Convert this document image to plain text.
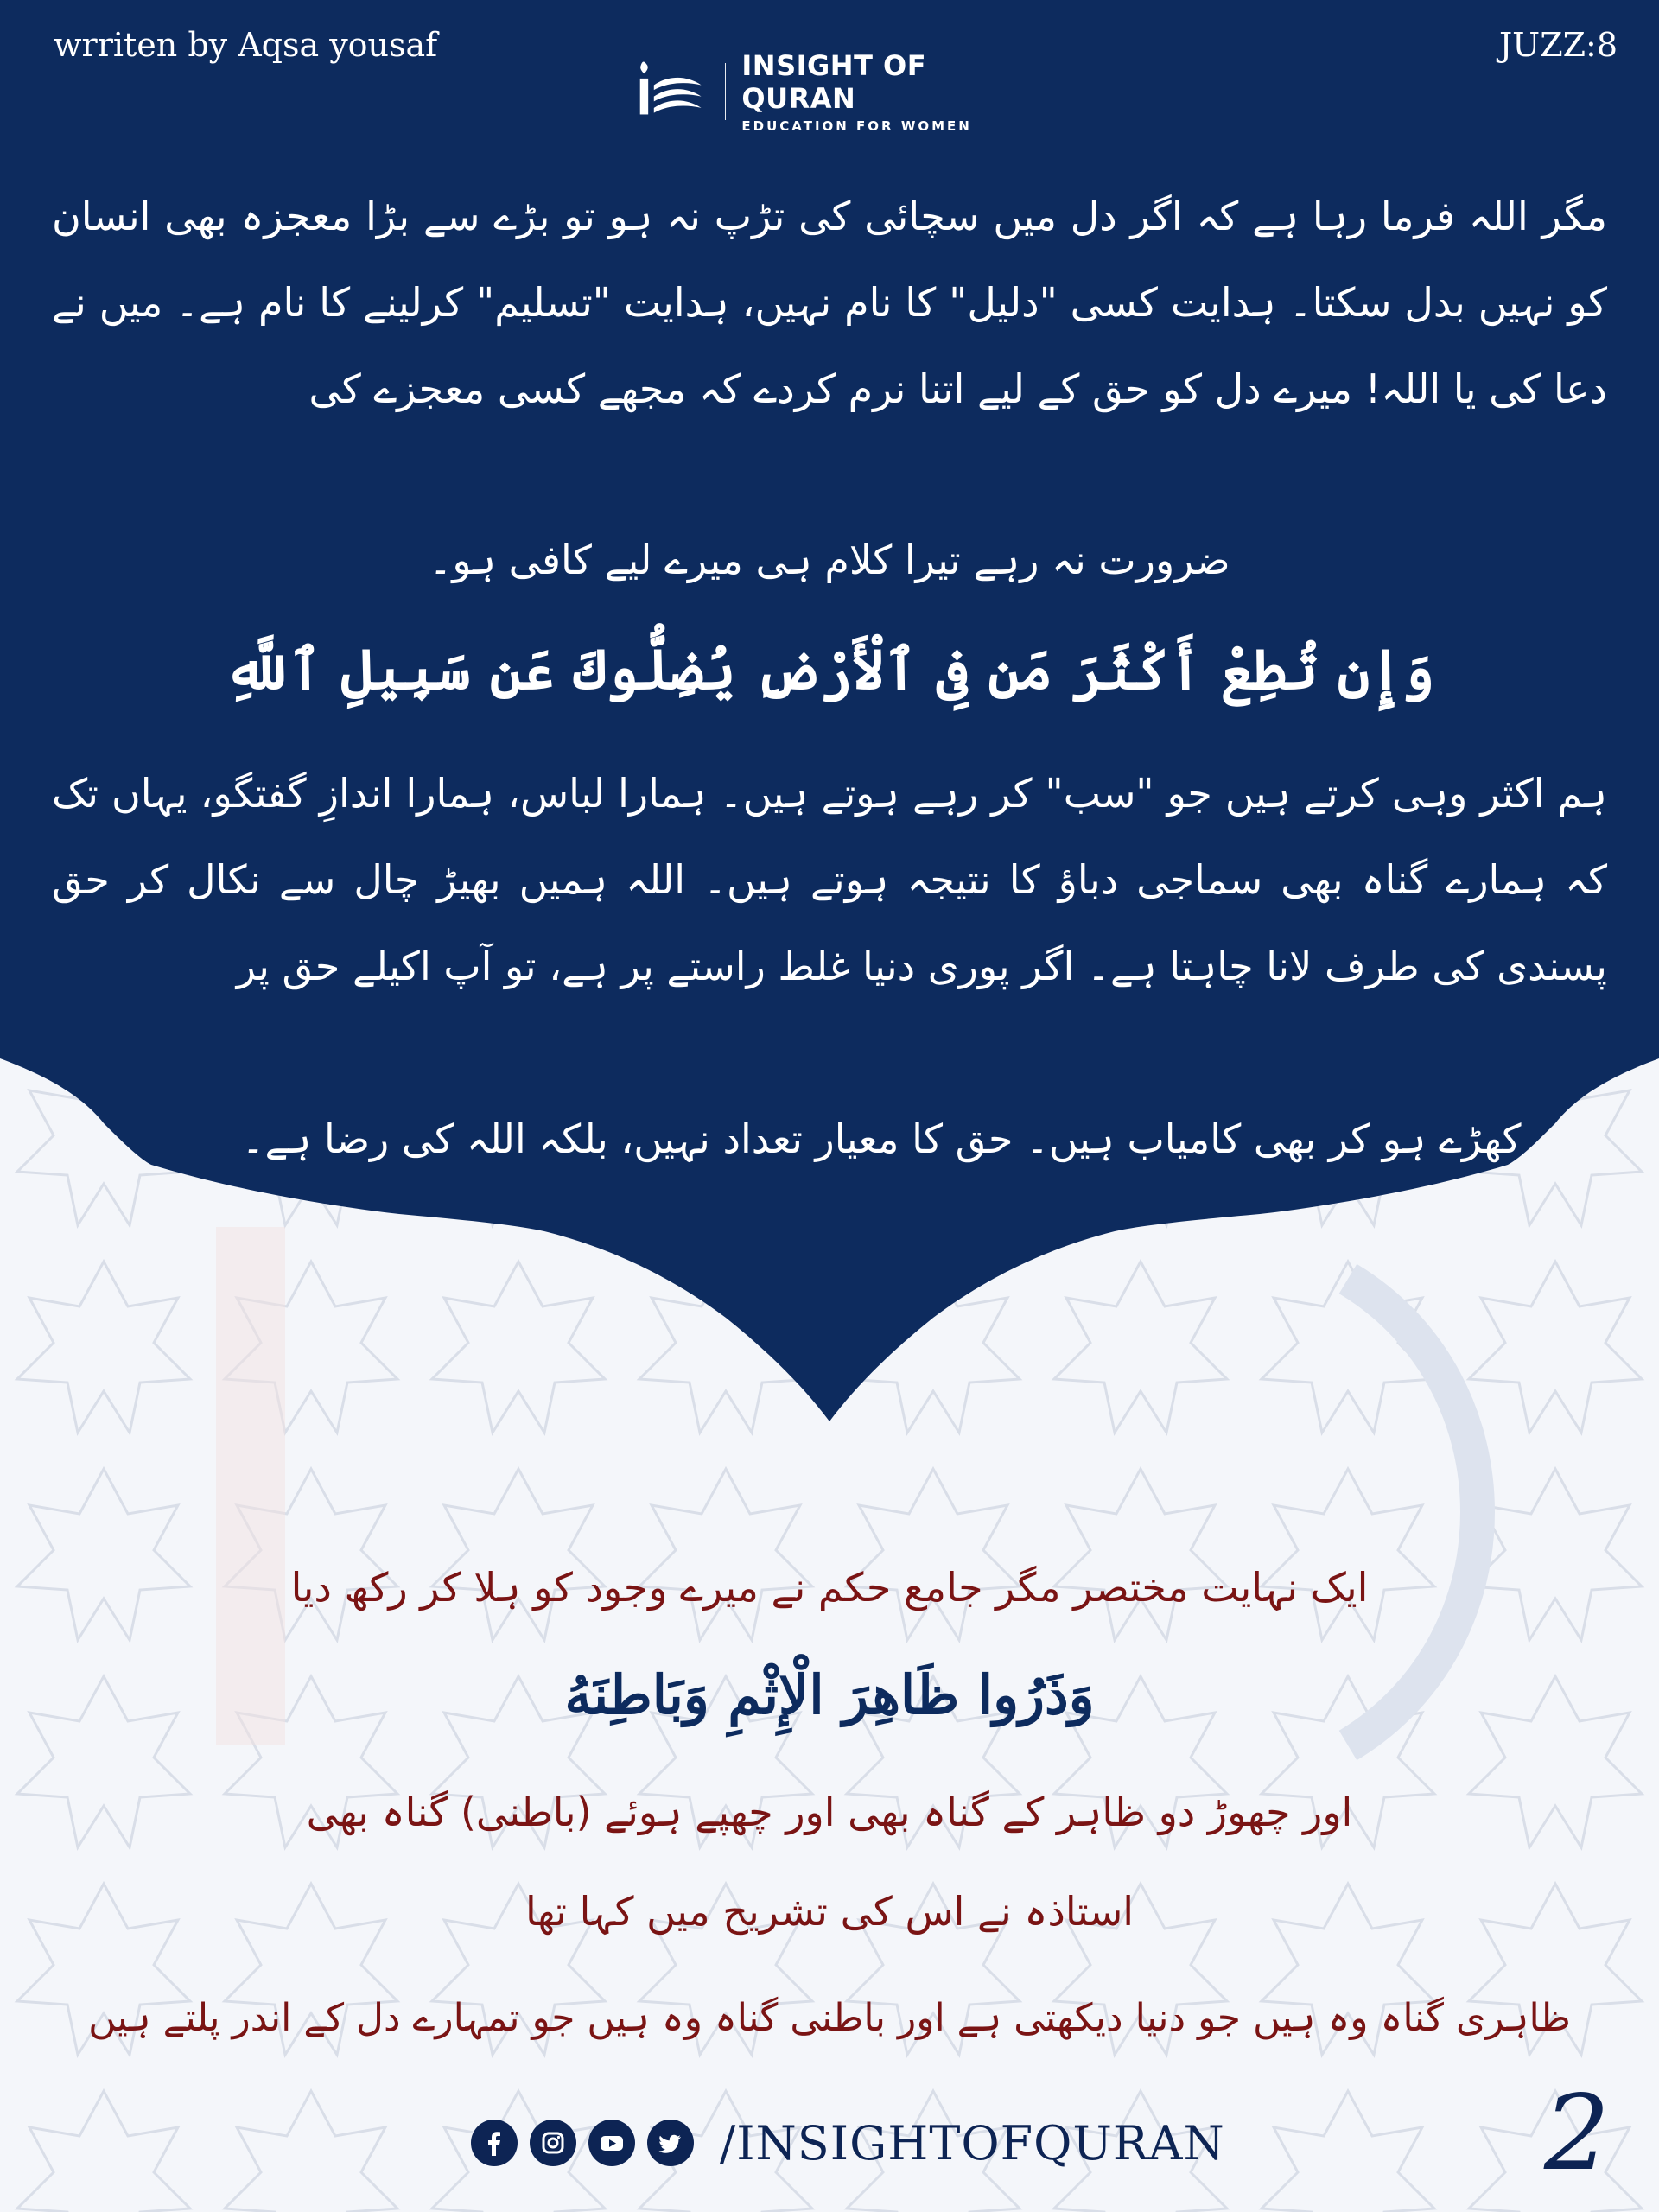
wrriten by Aqsa yousaf	JUZZ:8
INSIGHT OF QURAN
EDUCATION FOR WOMEN
مگر اللہ فرما رہا ہے کہ اگر دل میں سچائی کی تڑپ نہ ہو تو بڑے سے بڑا معجزہ بھی انسان کو نہیں بدل سکتا۔ ہدایت کسی "دلیل" کا نام نہیں، ہدایت "تسلیم" کرلینے کا نام ہے۔ میں نے دعا کی یا اللہ! میرے دل کو حق کے لیے اتنا نرم کردے کہ مجھے کسی معجزے کی
ضرورت نہ رہے تیرا کلام ہی میرے لیے کافی ہو۔
وَإِن تُطِعْ أَكْثَرَ مَن فِى ٱلْأَرْضِ يُضِلُّوكَ عَن سَبِيلِ ٱللَّهِ
ہم اکثر وہی کرتے ہیں جو "سب" کر رہے ہوتے ہیں۔ ہمارا لباس، ہمارا اندازِ گفتگو، یہاں تک کہ ہمارے گناہ بھی سماجی دباؤ کا نتیجہ ہوتے ہیں۔ اللہ ہمیں بھیڑ چال سے نکال کر حق پسندی کی طرف لانا چاہتا ہے۔ اگر پوری دنیا غلط راستے پر ہے، تو آپ اکیلے حق پر
کھڑے ہو کر بھی کامیاب ہیں۔ حق کا معیار تعداد نہیں، بلکہ اللہ کی رضا ہے۔
ایک نہایت مختصر مگر جامع حکم نے میرے وجود کو ہلا کر رکھ دیا
وَذَرُوا ظَاهِرَ الْإِثْمِ وَبَاطِنَهُ
اور چھوڑ دو ظاہر کے گناہ بھی اور چھپے ہوئے (باطنی) گناہ بھی
استاذہ نے اس کی تشریح میں کہا تھا
ظاہری گناہ وہ ہیں جو دنیا دیکھتی ہے اور باطنی گناہ وہ ہیں جو تمہارے دل کے اندر پلتے ہیں
/INSIGHTOFQURAN	2
